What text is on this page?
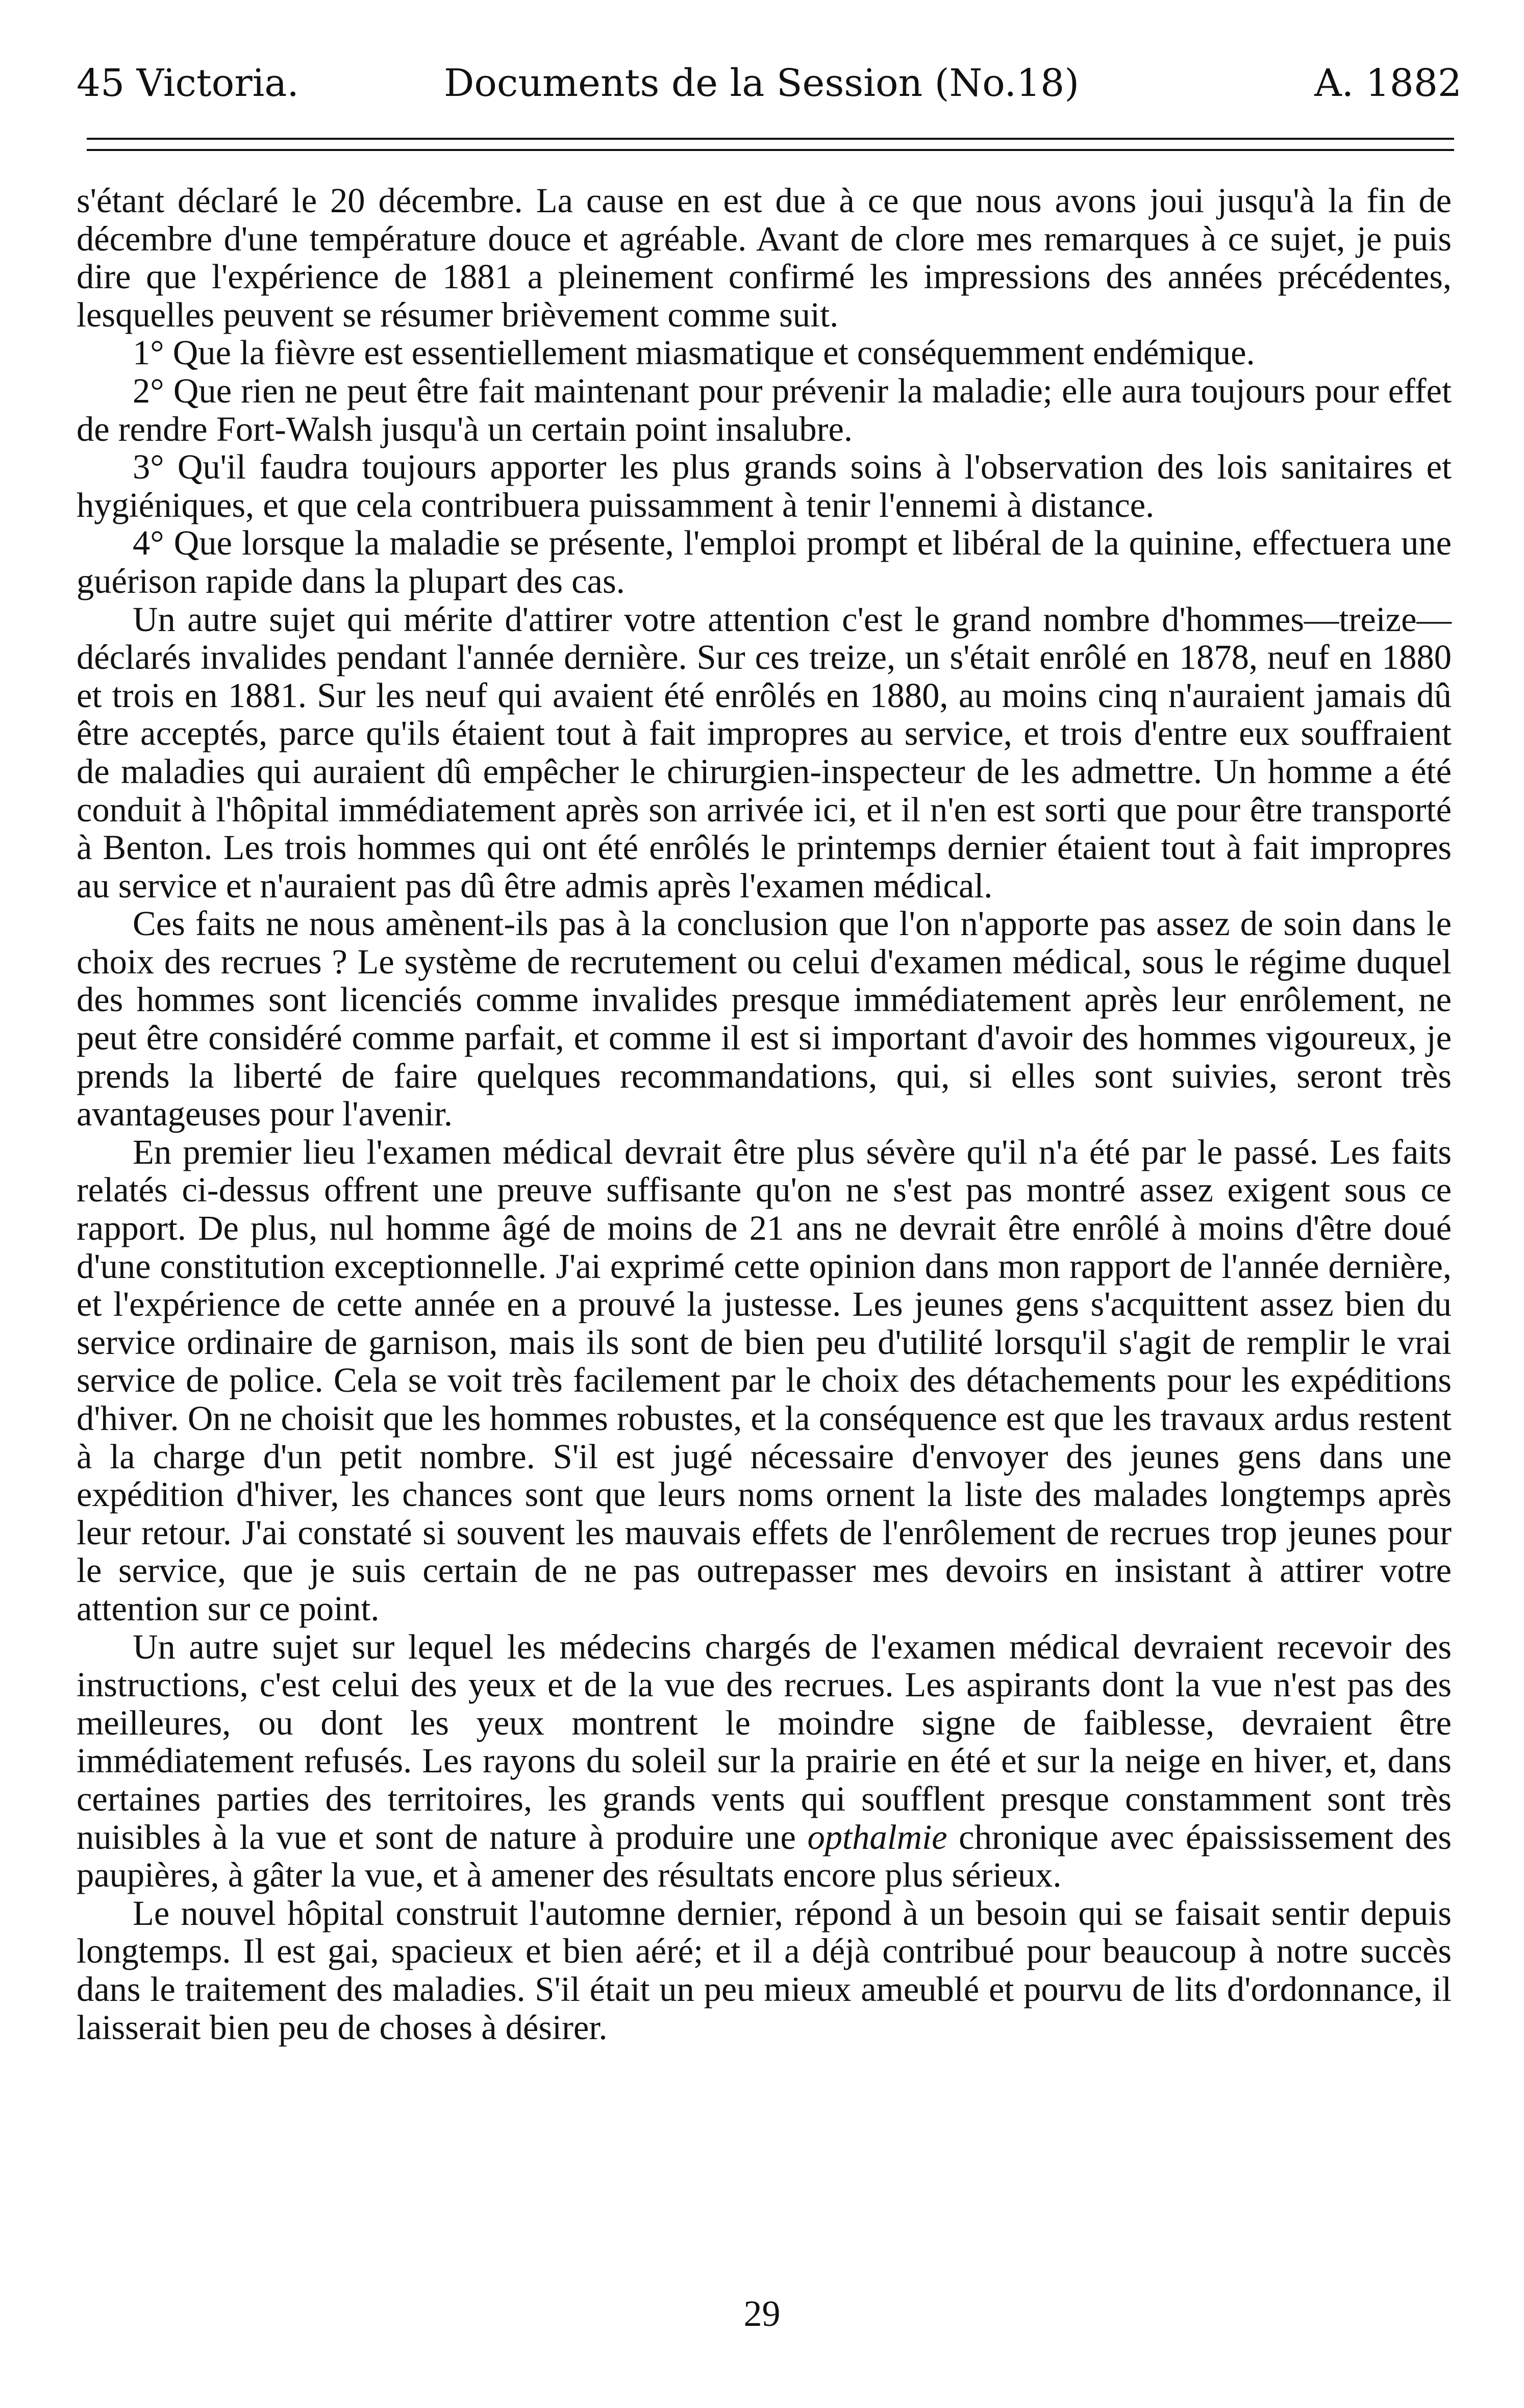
45 Victoria.	Documents de la Session (No.18)	A. 1882

s'étant déclaré le 20 décembre. La cause en est due à ce que nous avons joui jusqu'à la fin de décembre d'une température douce et agréable. Avant de clore mes remarques à ce sujet, je puis dire que l'expérience de 1881 a pleinement confirmé les impressions des années précédentes, lesquelles peuvent se résumer brièvement comme suit.

1° Que la fièvre est essentiellement miasmatique et conséquemment endémique.

2° Que rien ne peut être fait maintenant pour prévenir la maladie; elle aura toujours pour effet de rendre Fort-Walsh jusqu'à un certain point insalubre.

3° Qu'il faudra toujours apporter les plus grands soins à l'observation des lois sanitaires et hygiéniques, et que cela contribuera puissamment à tenir l'ennemi à distance.

4° Que lorsque la maladie se présente, l'emploi prompt et libéral de la quinine, effectuera une guérison rapide dans la plupart des cas.

Un autre sujet qui mérite d'attirer votre attention c'est le grand nombre d'hommes—treize—déclarés invalides pendant l'année dernière. Sur ces treize, un s'était enrôlé en 1878, neuf en 1880 et trois en 1881. Sur les neuf qui avaient été enrôlés en 1880, au moins cinq n'auraient jamais dû être acceptés, parce qu'ils étaient tout à fait impropres au service, et trois d'entre eux souffraient de maladies qui auraient dû empêcher le chirurgien-inspecteur de les admettre. Un homme a été conduit à l'hôpital immédiatement après son arrivée ici, et il n'en est sorti que pour être transporté à Benton. Les trois hommes qui ont été enrôlés le printemps dernier étaient tout à fait impropres au service et n'auraient pas dû être admis après l'examen médical.

Ces faits ne nous amènent-ils pas à la conclusion que l'on n'apporte pas assez de soin dans le choix des recrues ? Le système de recrutement ou celui d'examen médical, sous le régime duquel des hommes sont licenciés comme invalides presque immédiatement après leur enrôlement, ne peut être considéré comme parfait, et comme il est si important d'avoir des hommes vigoureux, je prends la liberté de faire quelques recommandations, qui, si elles sont suivies, seront très avantageuses pour l'avenir.

En premier lieu l'examen médical devrait être plus sévère qu'il n'a été par le passé. Les faits relatés ci-dessus offrent une preuve suffisante qu'on ne s'est pas montré assez exigent sous ce rapport. De plus, nul homme âgé de moins de 21 ans ne devrait être enrôlé à moins d'être doué d'une constitution exceptionnelle. J'ai exprimé cette opinion dans mon rapport de l'année dernière, et l'expérience de cette année en a prouvé la justesse. Les jeunes gens s'acquittent assez bien du service ordinaire de garnison, mais ils sont de bien peu d'utilité lorsqu'il s'agit de remplir le vrai service de police. Cela se voit très facilement par le choix des détachements pour les expéditions d'hiver. On ne choisit que les hommes robustes, et la conséquence est que les travaux ardus restent à la charge d'un petit nombre. S'il est jugé nécessaire d'envoyer des jeunes gens dans une expédition d'hiver, les chances sont que leurs noms ornent la liste des malades longtemps après leur retour. J'ai constaté si souvent les mauvais effets de l'enrôlement de recrues trop jeunes pour le service, que je suis certain de ne pas outrepasser mes devoirs en insistant à attirer votre attention sur ce point.

Un autre sujet sur lequel les médecins chargés de l'examen médical devraient recevoir des instructions, c'est celui des yeux et de la vue des recrues. Les aspirants dont la vue n'est pas des meilleures, ou dont les yeux montrent le moindre signe de faiblesse, devraient être immédiatement refusés. Les rayons du soleil sur la prairie en été et sur la neige en hiver, et, dans certaines parties des territoires, les grands vents qui soufflent presque constamment sont très nuisibles à la vue et sont de nature à produire une opthalmie chronique avec épaississement des paupières, à gâter la vue, et à amener des résultats encore plus sérieux.

Le nouvel hôpital construit l'automne dernier, répond à un besoin qui se faisait sentir depuis longtemps. Il est gai, spacieux et bien aéré; et il a déjà contribué pour beaucoup à notre succès dans le traitement des maladies. S'il était un peu mieux ameublé et pourvu de lits d'ordonnance, il laisserait bien peu de choses à désirer.

29
